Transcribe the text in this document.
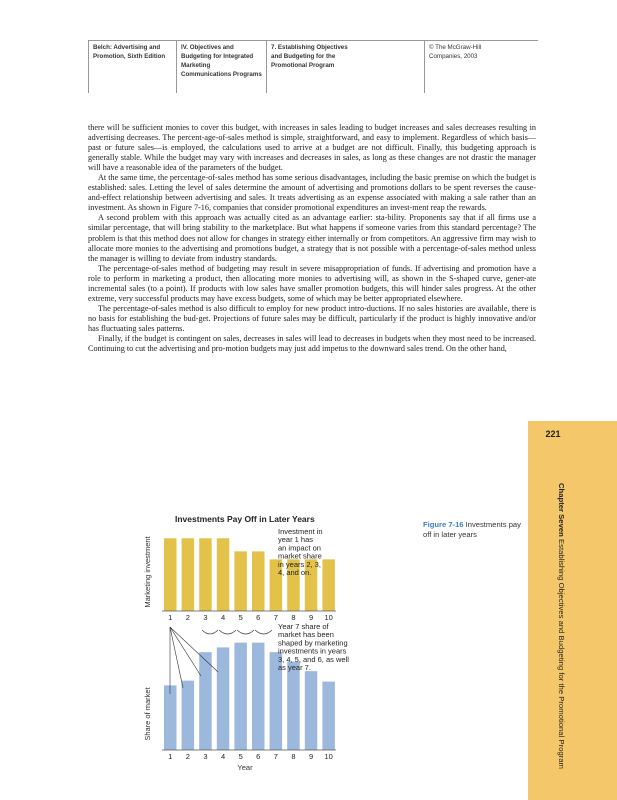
Belch: Advertising and
Promotion, Sixth Edition
IV. Objectives and
Budgeting for Integrated
Marketing
Communications Programs
7. Establishing Objectives
and Budgeting for the
Promotional Program
© The McGraw-Hill
Companies, 2003

there will be sufficient monies to cover this budget, with increases in sales leading to budget increases and sales decreases resulting in advertising decreases. The percent-age-of-sales method is simple, straightforward, and easy to implement. Regardless of which basis—past or future sales—is employed, the calculations used to arrive at a budget are not difficult. Finally, this budgeting approach is generally stable. While the budget may vary with increases and decreases in sales, as long as these changes are not drastic the manager will have a reasonable idea of the parameters of the budget.

At the same time, the percentage-of-sales method has some serious disadvantages, including the basic premise on which the budget is established: sales. Letting the level of sales determine the amount of advertising and promotions dollars to be spent reverses the cause-and-effect relationship between advertising and sales. It treats advertising as an expense associated with making a sale rather than an investment. As shown in Figure 7-16, companies that consider promotional expenditures an invest-ment reap the rewards.

A second problem with this approach was actually cited as an advantage earlier: sta-bility. Proponents say that if all firms use a similar percentage, that will bring stability to the marketplace. But what happens if someone varies from this standard percentage? The problem is that this method does not allow for changes in strategy either internally or from competitors. An aggressive firm may wish to allocate more monies to the advertising and promotions budget, a strategy that is not possible with a percentage-of-sales method unless the manager is willing to deviate from industry standards.

The percentage-of-sales method of budgeting may result in severe misappropriation of funds. If advertising and promotion have a role to perform in marketing a product, then allocating more monies to advertising will, as shown in the S-shaped curve, gener-ate incremental sales (to a point). If products with low sales have smaller promotion budgets, this will hinder sales progress. At the other extreme, very successful products may have excess budgets, some of which may be better appropriated elsewhere.

The percentage-of-sales method is also difficult to employ for new product intro-ductions. If no sales histories are available, there is no basis for establishing the bud-get. Projections of future sales may be difficult, particularly if the product is highly innovative and/or has fluctuating sales patterns.

Finally, if the budget is contingent on sales, decreases in sales will lead to decreases in budgets when they most need to be increased. Continuing to cut the advertising and pro-motion budgets may just add impetus to the downward sales trend. On the other hand,

221
Chapter Seven Establishing Objectives and Budgeting for the Promotional Program
Figure 7-16 Investments pay off in later years
Investments Pay Off in Later Years
1 2 3 4 5 6 7 8 9 10
1 2 3 4 5 6 7 8 9 10
Marketing investment
Share of market
Year
Investment in
year 1 has
an impact on
market share
in years 2, 3,
4, and on.
Year 7 share of
market has been
shaped by marketing
investments in years
3, 4, 5, and 6, as well
as year 7.
